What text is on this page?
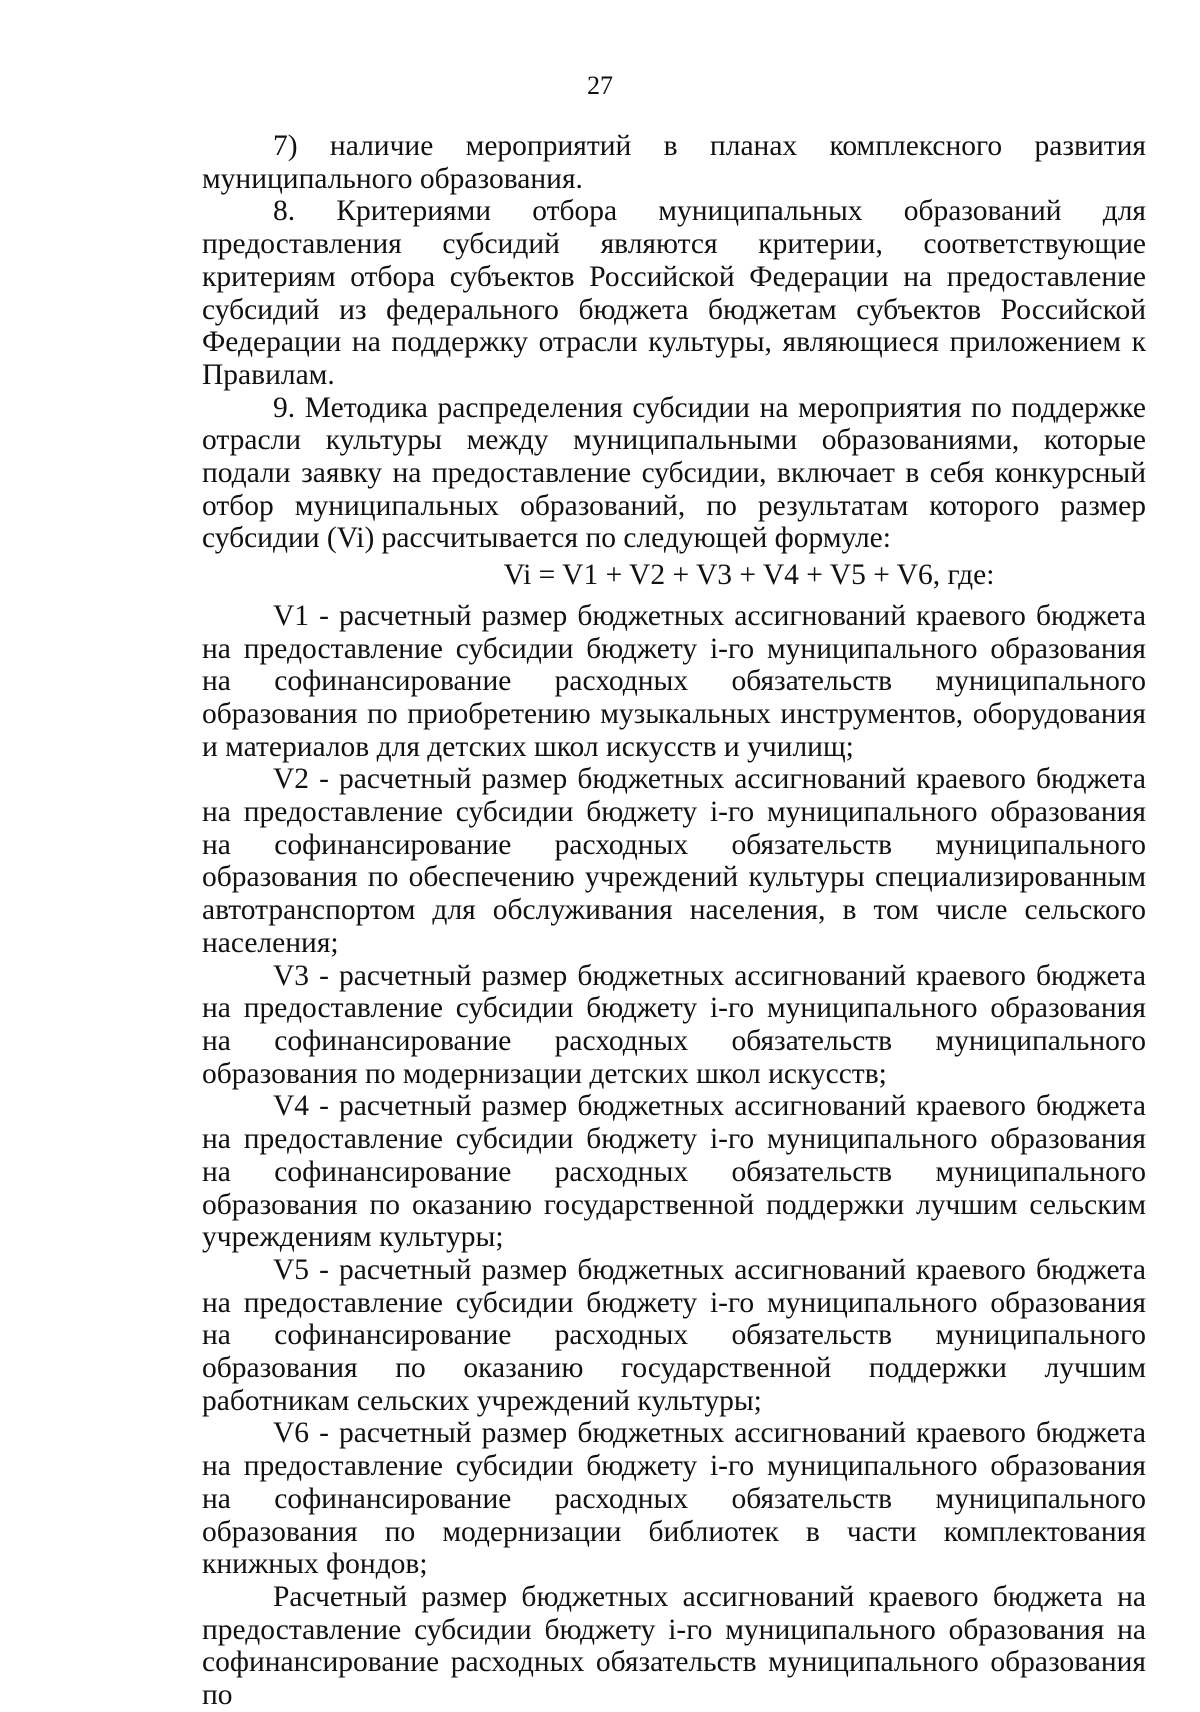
27

7) наличие мероприятий в планах комплексного развития муниципального образования.

8. Критериями отбора муниципальных образований для предоставления субсидий являются критерии, соответствующие критериям отбора субъектов Российской Федерации на предоставление субсидий из федерального бюджета бюджетам субъектов Российской Федерации на поддержку отрасли культуры, являющиеся приложением к Правилам.

9. Методика распределения субсидии на мероприятия по поддержке отрасли культуры между муниципальными образованиями, которые подали заявку на предоставление субсидии, включает в себя конкурсный отбор муниципальных образований, по результатам которого размер субсидии (Vi) рассчитывается по следующей формуле:

Vi = V1 + V2 + V3 + V4 + V5 + V6, где:

V1 - расчетный размер бюджетных ассигнований краевого бюджета на предоставление субсидии бюджету i-го муниципального образования на софинансирование расходных обязательств муниципального образования по приобретению музыкальных инструментов, оборудования и материалов для детских школ искусств и училищ;

V2 - расчетный размер бюджетных ассигнований краевого бюджета на предоставление субсидии бюджету i-го муниципального образования на софинансирование расходных обязательств муниципального образования по обеспечению учреждений культуры специализированным автотранспортом для обслуживания населения, в том числе сельского населения;

V3 - расчетный размер бюджетных ассигнований краевого бюджета на предоставление субсидии бюджету i-го муниципального образования на софинансирование расходных обязательств муниципального образования по модернизации детских школ искусств;

V4 - расчетный размер бюджетных ассигнований краевого бюджета на предоставление субсидии бюджету i-го муниципального образования на софинансирование расходных обязательств муниципального образования по оказанию государственной поддержки лучшим сельским учреждениям культуры;

V5 - расчетный размер бюджетных ассигнований краевого бюджета на предоставление субсидии бюджету i-го муниципального образования на софинансирование расходных обязательств муниципального образования по оказанию государственной поддержки лучшим работникам сельских учреждений культуры;

V6 - расчетный размер бюджетных ассигнований краевого бюджета на предоставление субсидии бюджету i-го муниципального образования на софинансирование расходных обязательств муниципального образования по модернизации библиотек в части комплектования книжных фондов;

Расчетный размер бюджетных ассигнований краевого бюджета на предоставление субсидии бюджету i-го муниципального образования на софинансирование расходных обязательств муниципального образования по
